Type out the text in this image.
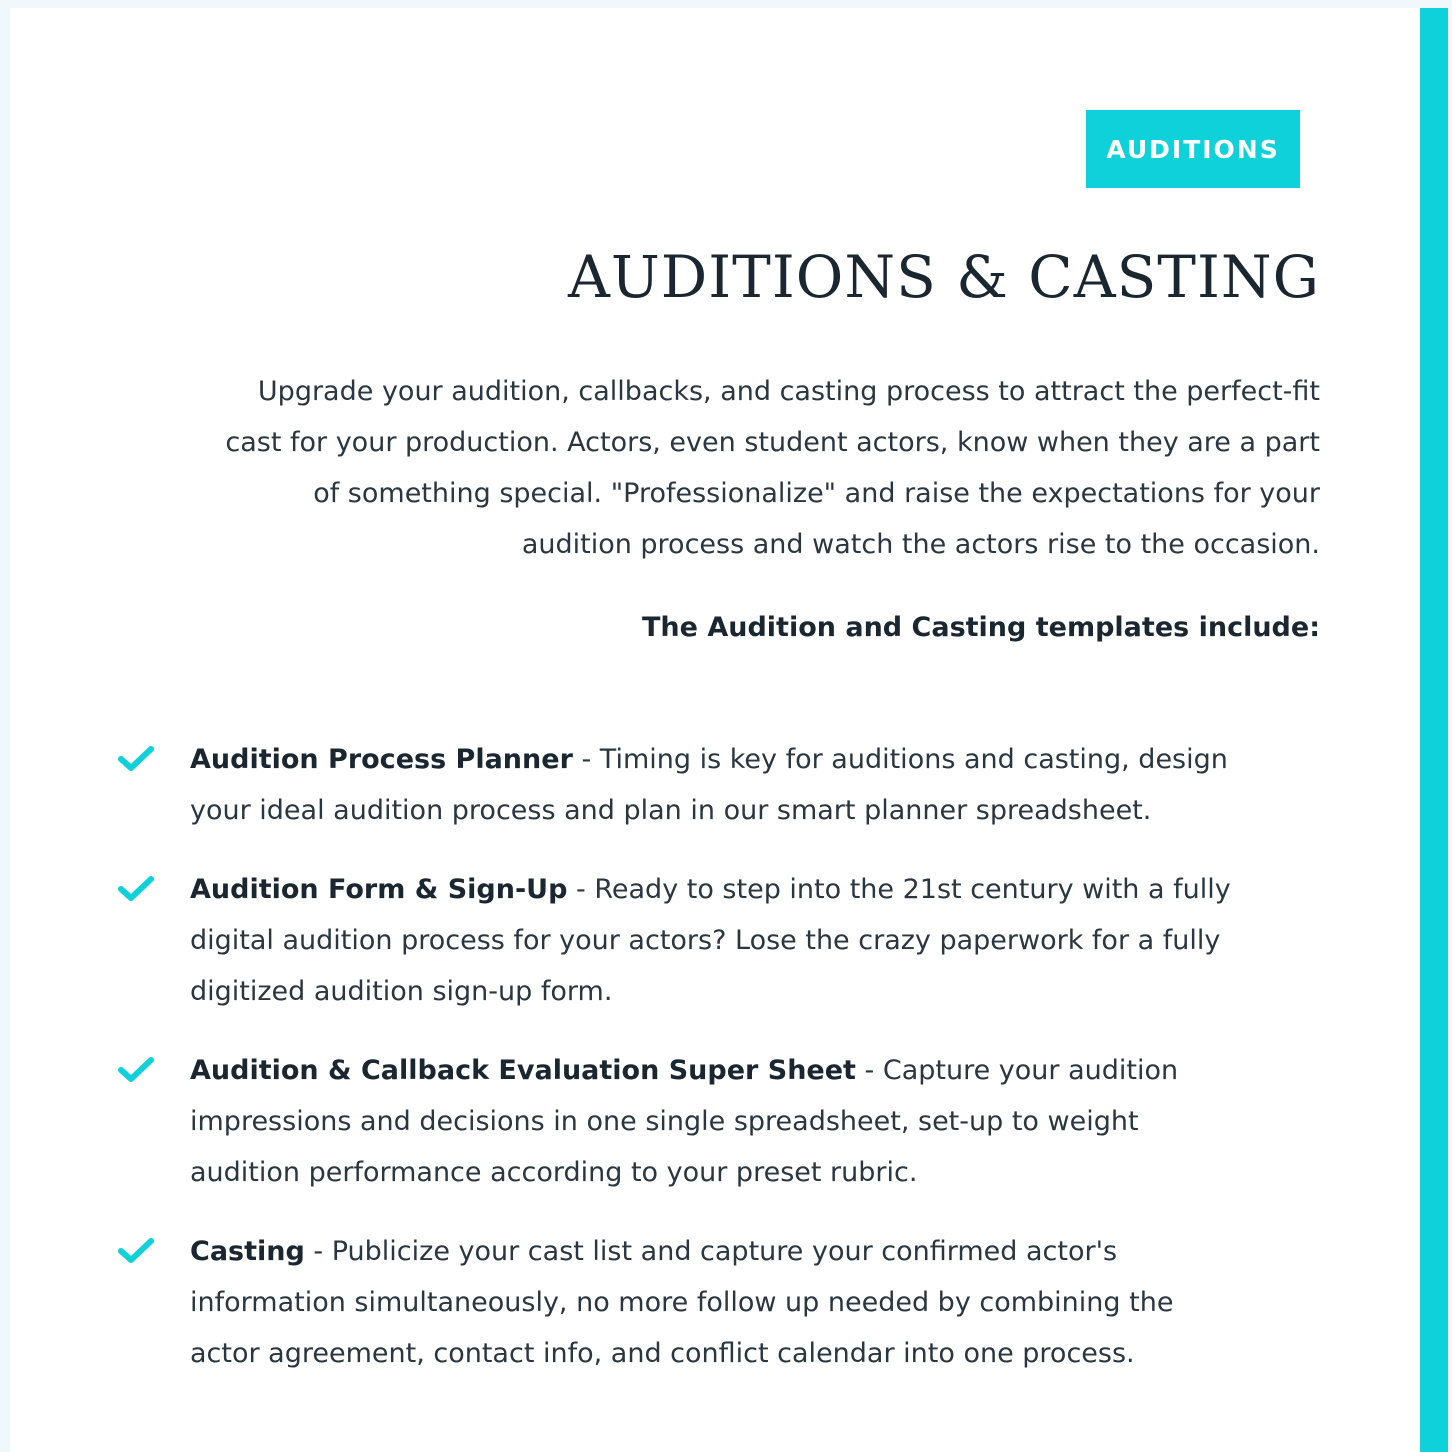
AUDITIONS
AUDITIONS & CASTING

Upgrade your audition, callbacks, and casting process to attract the perfect-fit
cast for your production. Actors, even student actors, know when they are a part
of something special. "Professionalize" and raise the expectations for your
audition process and watch the actors rise to the occasion.

The Audition and Casting templates include:
Audition Process Planner - Timing is key for auditions and casting, design
your ideal audition process and plan in our smart planner spreadsheet.
Audition Form & Sign-Up - Ready to step into the 21st century with a fully
digital audition process for your actors? Lose the crazy paperwork for a fully
digitized audition sign-up form.
Audition & Callback Evaluation Super Sheet - Capture your audition
impressions and decisions in one single spreadsheet, set-up to weight
audition performance according to your preset rubric.
Casting - Publicize your cast list and capture your confirmed actor's
information simultaneously, no more follow up needed by combining the
actor agreement, contact info, and conflict calendar into one process.
